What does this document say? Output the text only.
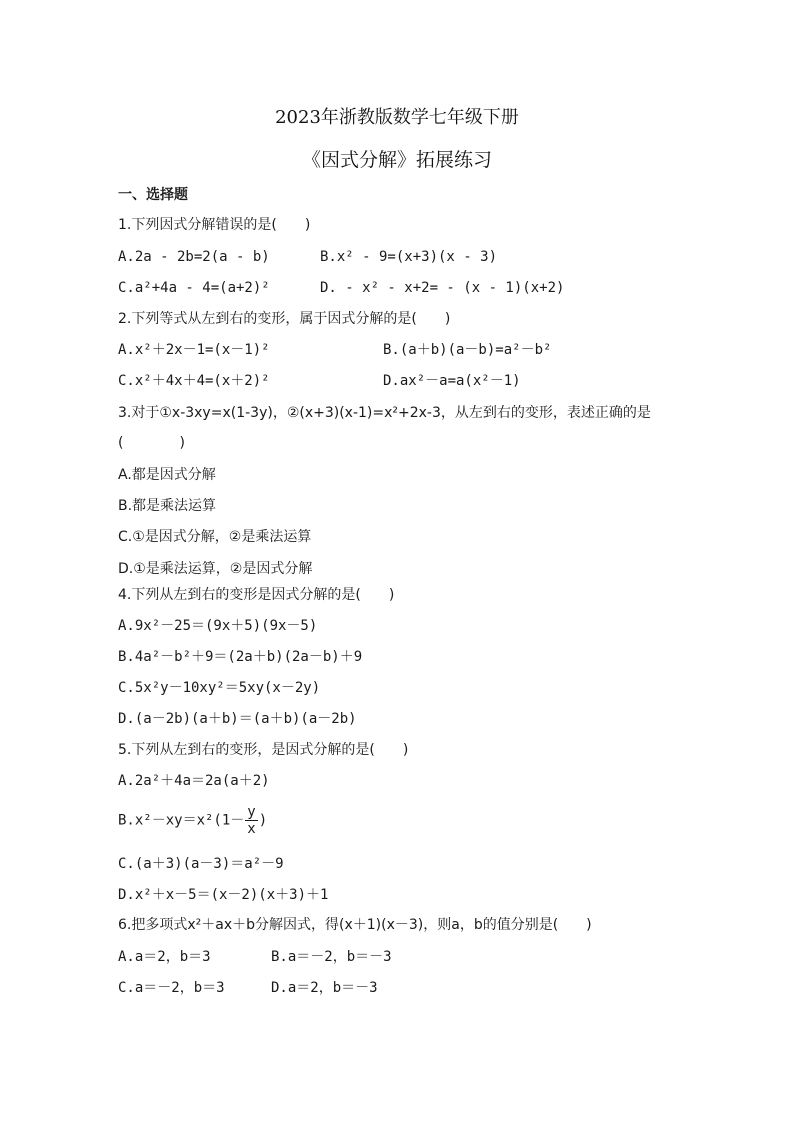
2023年浙教版数学七年级下册
《因式分解》拓展练习
一、选择题
1.下列因式分解错误的是(　　)
A.2a - 2b=2(a - b)	B.x² - 9=(x+3)(x - 3)
C.a²+4a - 4=(a+2)²	D. - x² - x+2= - (x - 1)(x+2)
2.下列等式从左到右的变形，属于因式分解的是(　　)
A.x²＋2x－1=(x－1)²	B.(a＋b)(a－b)=a²－b²
C.x²＋4x＋4=(x＋2)²	D.ax²－a=a(x²－1)
3.对于①x-3xy=x(1-3y)，②(x+3)(x-1)=x²+2x-3，从左到右的变形，表述正确的是
(　　　　)
A.都是因式分解
B.都是乘法运算
C.①是因式分解，②是乘法运算
D.①是乘法运算，②是因式分解
4.下列从左到右的变形是因式分解的是(　　)
A.9x²－25＝(9x＋5)(9x－5)
B.4a²－b²＋9＝(2a＋b)(2a－b)＋9
C.5x²y－10xy²＝5xy(x－2y)
D.(a－2b)(a＋b)＝(a＋b)(a－2b)
5.下列从左到右的变形，是因式分解的是(　　)
A.2a²＋4a＝2a(a＋2)
$B.x^2-xy=x^2(1- \frac{y}{x}$ )
C.(a＋3)(a－3)＝a²－9
D.x²＋x－5＝(x－2)(x＋3)＋1
6.把多项式x²＋ax＋b分解因式，得(x＋1)(x－3)，则a，b的值分别是(　　)
A.a＝2，b＝3	B.a＝－2，b＝－3
C.a＝－2，b＝3	D.a＝2，b＝－3
